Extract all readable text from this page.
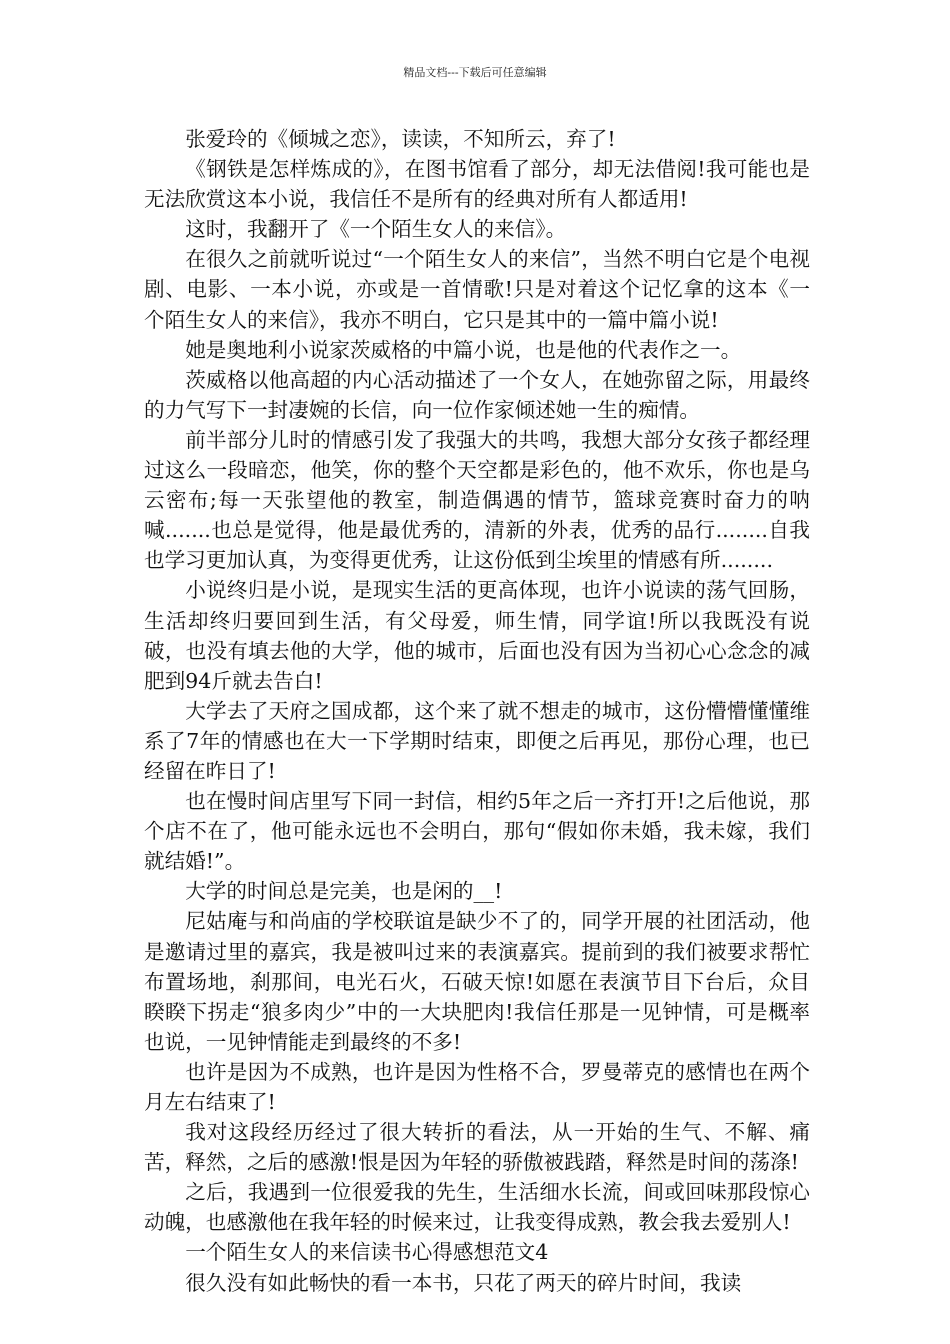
精品文档---下载后可任意编辑

张爱玲的《倾城之恋》，读读，不知所云，弃了!

《钢铁是怎样炼成的》，在图书馆看了部分，却无法借阅!我可能也是无法欣赏这本小说，我信任不是所有的经典对所有人都适用!

这时，我翻开了《一个陌生女人的来信》。

在很久之前就听说过“一个陌生女人的来信”，当然不明白它是个电视剧、电影、一本小说，亦或是一首情歌!只是对着这个记忆拿的这本《一个陌生女人的来信》，我亦不明白，它只是其中的一篇中篇小说!

她是奥地利小说家茨威格的中篇小说，也是他的代表作之一。

茨威格以他高超的内心活动描述了一个女人，在她弥留之际，用最终的力气写下一封凄婉的长信，向一位作家倾述她一生的痴情。

前半部分儿时的情感引发了我强大的共鸣，我想大部分女孩子都经理过这么一段暗恋，他笑，你的整个天空都是彩色的，他不欢乐，你也是乌云密布;每一天张望他的教室，制造偶遇的情节，篮球竞赛时奋力的呐喊.......也总是觉得，他是最优秀的，清新的外表，优秀的品行........自我也学习更加认真，为变得更优秀，让这份低到尘埃里的情感有所........

小说终归是小说，是现实生活的更高体现，也许小说读的荡气回肠，生活却终归要回到生活，有父母爱，师生情，同学谊!所以我既没有说破，也没有填去他的大学，他的城市，后面也没有因为当初心心念念的减肥到94斤就去告白!

大学去了天府之国成都，这个来了就不想走的城市，这份懵懵懂懂维系了7年的情感也在大一下学期时结束，即便之后再见，那份心理，也已经留在昨日了!

也在慢时间店里写下同一封信，相约5年之后一齐打开!之后他说，那个店不在了，他可能永远也不会明白，那句“假如你未婚，我未嫁，我们就结婚!”。

大学的时间总是完美，也是闲的__!

尼姑庵与和尚庙的学校联谊是缺少不了的，同学开展的社团活动，他是邀请过里的嘉宾，我是被叫过来的表演嘉宾。提前到的我们被要求帮忙布置场地，刹那间，电光石火，石破天惊!如愿在表演节目下台后，众目睽睽下拐走“狼多肉少”中的一大块肥肉!我信任那是一见钟情，可是概率也说，一见钟情能走到最终的不多!

也许是因为不成熟，也许是因为性格不合，罗曼蒂克的感情也在两个月左右结束了!

我对这段经历经过了很大转折的看法，从一开始的生气、不解、痛苦，释然，之后的感激!恨是因为年轻的骄傲被践踏，释然是时间的荡涤!

之后，我遇到一位很爱我的先生，生活细水长流，间或回味那段惊心动魄，也感激他在我年轻的时候来过，让我变得成熟，教会我去爱别人!

一个陌生女人的来信读书心得感想范文4

很久没有如此畅快的看一本书，只花了两天的碎片时间，我读
